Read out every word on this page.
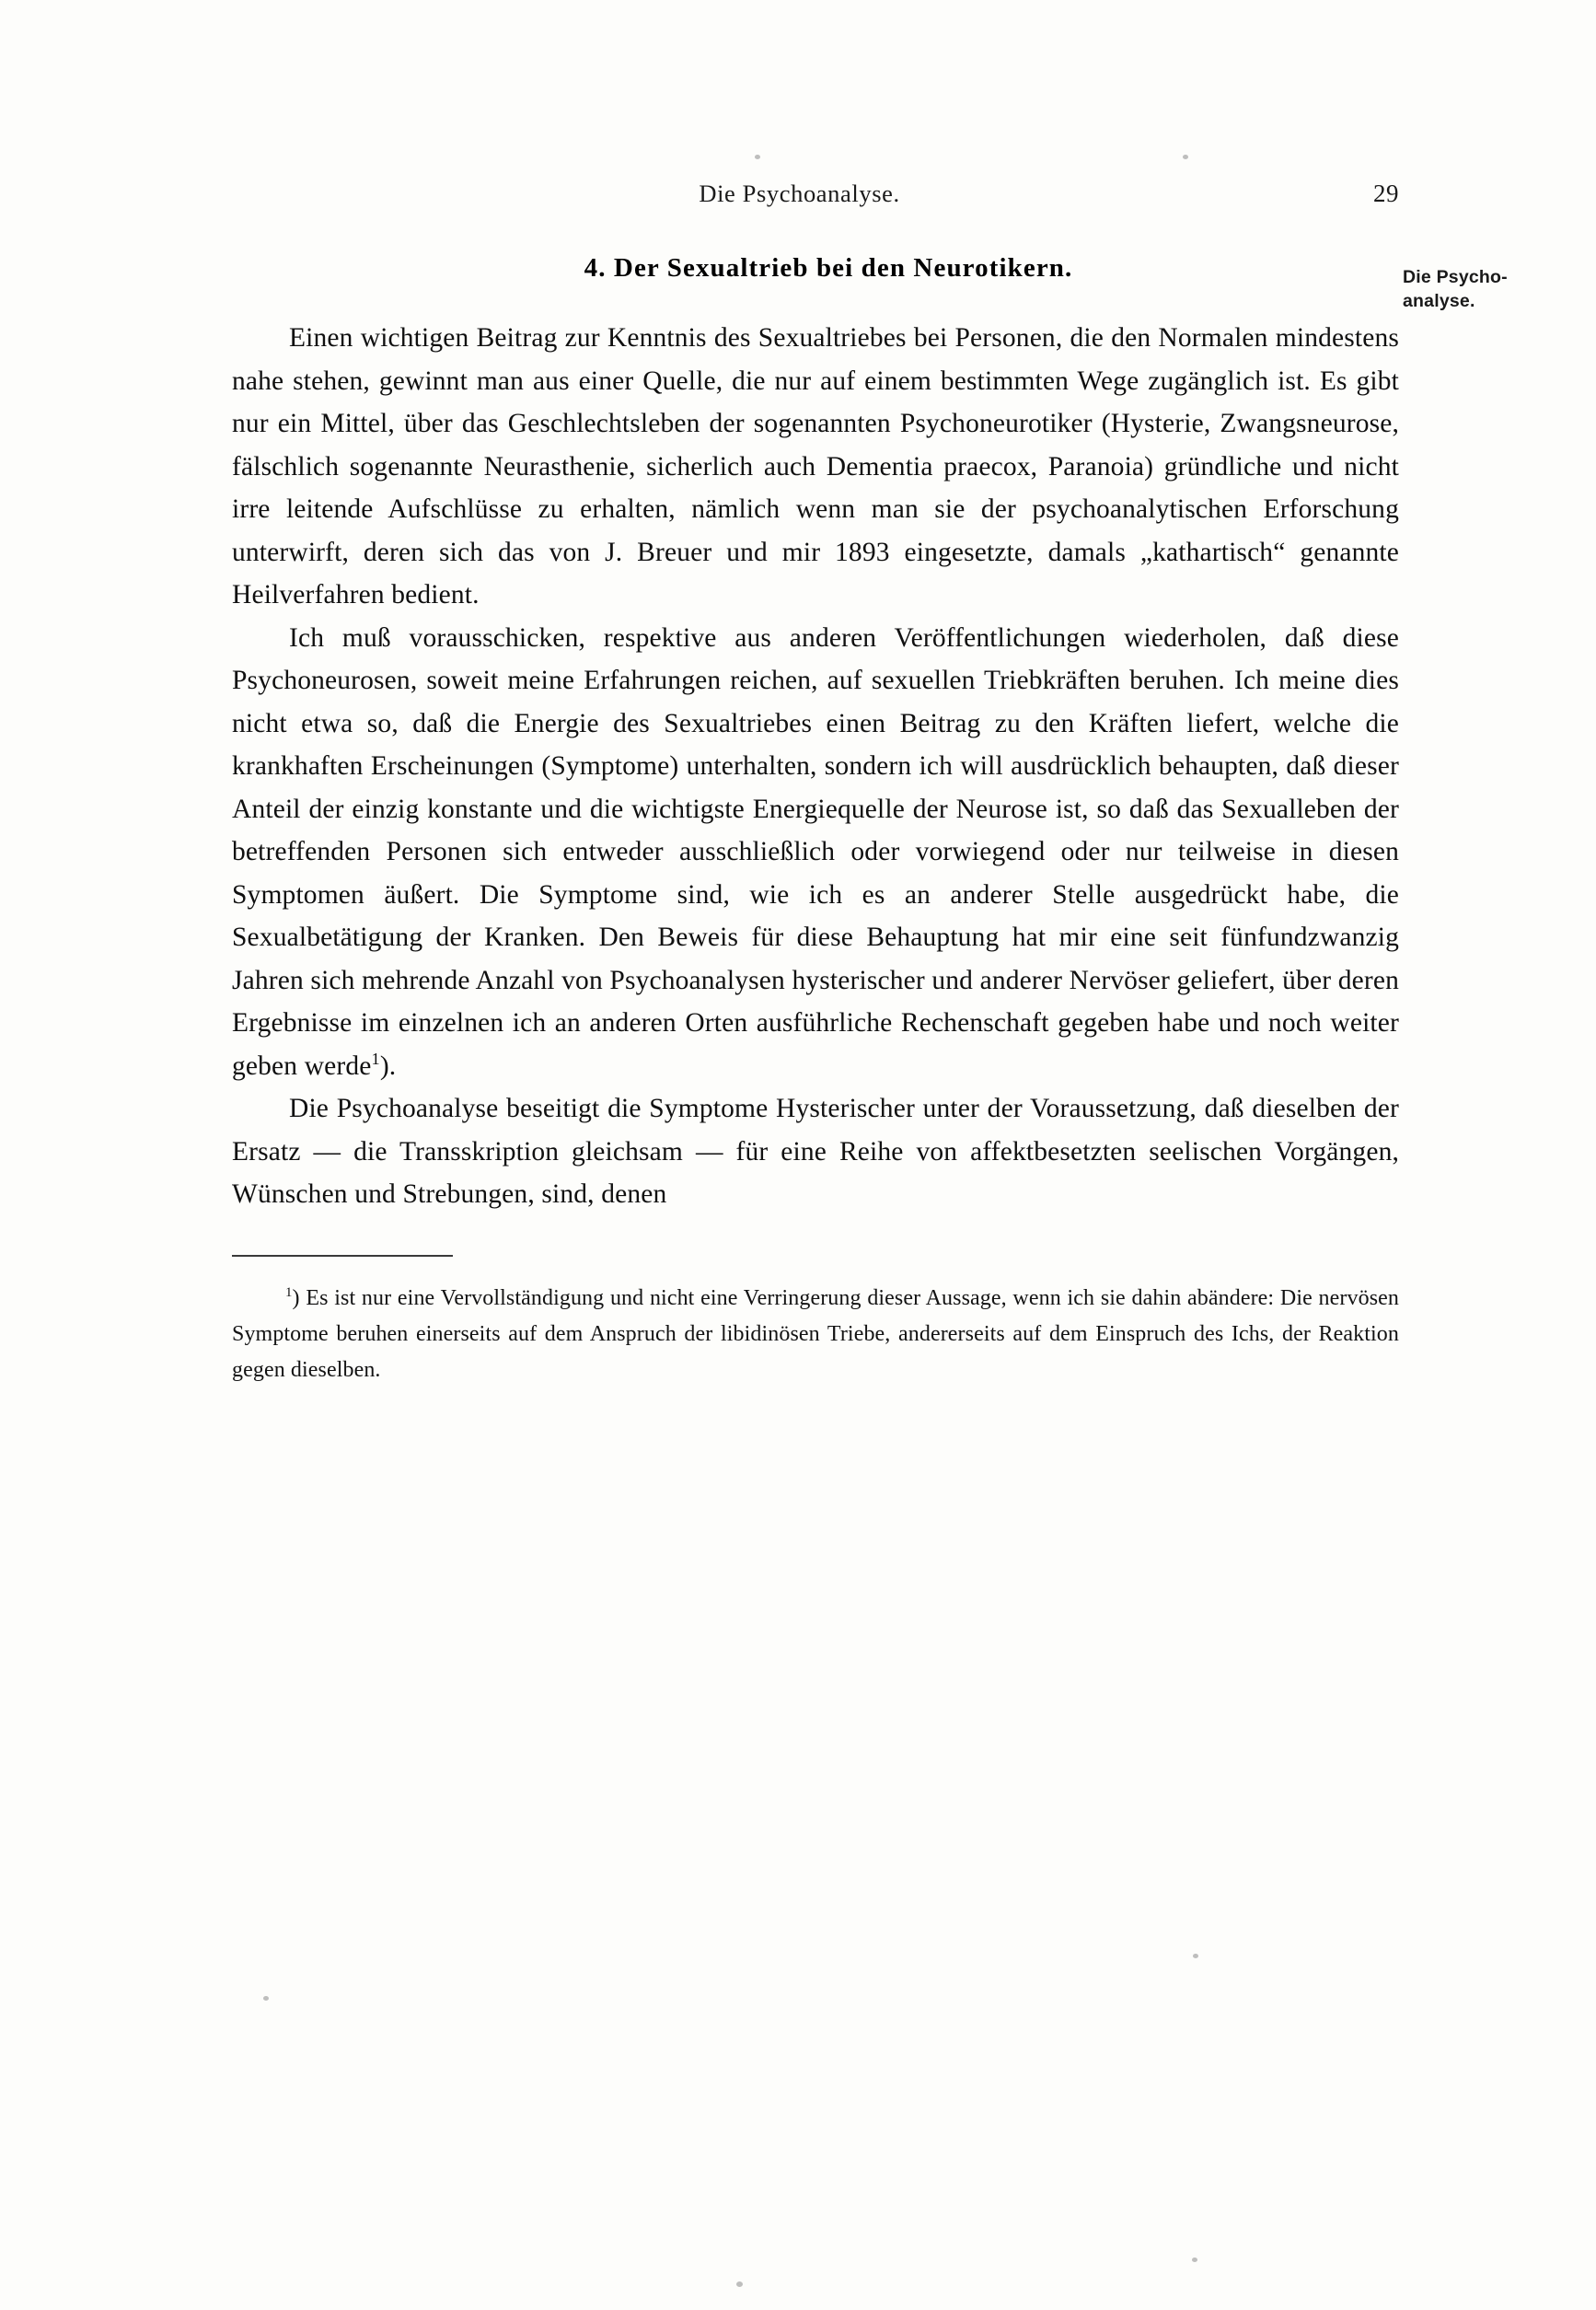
Die Psychoanalyse.	29
4. Der Sexualtrieb bei den Neurotikern.

Einen wichtigen Beitrag zur Kenntnis des Sexualtriebes bei Personen, die den Normalen mindestens nahe stehen, gewinnt man aus einer Quelle, die nur auf einem bestimmten Wege zugänglich ist. Es gibt nur ein Mittel, über das Geschlechtsleben der sogenannten Psychoneurotiker (Hysterie, Zwangsneurose, fälschlich sogenannte Neurasthenie, sicherlich auch Dementia praecox, Paranoia) gründliche und nicht irre leitende Aufschlüsse zu erhalten, nämlich wenn man sie der psychoanalytischen Erforschung unterwirft, deren sich das von J. Breuer und mir 1893 eingesetzte, damals „kathartisch“ genannte Heilverfahren bedient.

Ich muß vorausschicken, respektive aus anderen Veröffentlichungen wiederholen, daß diese Psychoneurosen, soweit meine Erfahrungen reichen, auf sexuellen Triebkräften beruhen. Ich meine dies nicht etwa so, daß die Energie des Sexualtriebes einen Beitrag zu den Kräften liefert, welche die krankhaften Erscheinungen (Symptome) unterhalten, sondern ich will ausdrücklich behaupten, daß dieser Anteil der einzig konstante und die wichtigste Energiequelle der Neurose ist, so daß das Sexualleben der betreffenden Personen sich entweder ausschließlich oder vorwiegend oder nur teilweise in diesen Symptomen äußert. Die Symptome sind, wie ich es an anderer Stelle ausgedrückt habe, die Sexualbetätigung der Kranken. Den Beweis für diese Behauptung hat mir eine seit fünfundzwanzig Jahren sich mehrende Anzahl von Psychoanalysen hysterischer und anderer Nervöser geliefert, über deren Ergebnisse im einzelnen ich an anderen Orten ausführliche Rechenschaft gegeben habe und noch weiter geben werde$^1$).

Die Psychoanalyse beseitigt die Symptome Hysterischer unter der Voraussetzung, daß dieselben der Ersatz — die Transskription gleichsam — für eine Reihe von affektbesetzten seelischen Vorgängen, Wünschen und Strebungen, sind, denen

$^1$) Es ist nur eine Vervollständigung und nicht eine Verringerung dieser Aussage, wenn ich sie dahin abändere: Die nervösen Symptome beruhen einerseits auf dem Anspruch der libidinösen Triebe, andererseits auf dem Einspruch des Ichs, der Reaktion gegen dieselben.

Die Psycho-
analyse.
